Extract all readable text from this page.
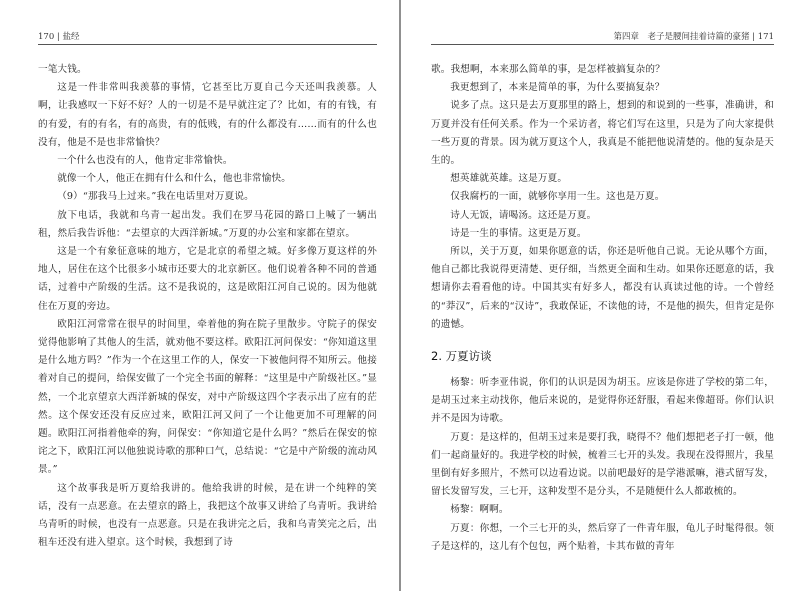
170 | 盐经

一笔大钱。

这是一件非常叫我羡慕的事情，它甚至比万夏自己今天还叫我羡慕。人啊，让我感叹一下好不好？人的一切是不是早就注定了？比如，有的有钱，有的有爱，有的有名，有的高贵，有的低贱，有的什么都没有……而有的什么也没有，他是不是也非常愉快？

一个什么也没有的人，他肯定非常愉快。

就像一个人，他正在拥有什么和什么，他也非常愉快。

（9）“那我马上过来。”我在电话里对万夏说。

放下电话，我就和乌青一起出发。我们在罗马花园的路口上喊了一辆出租，然后我告诉他：“去望京的大西洋新城。”万夏的办公室和家都在望京。

这是一个有象征意味的地方，它是北京的希望之城。好多像万夏这样的外地人，居住在这个比很多小城市还要大的北京新区。他们说着各种不同的普通话，过着中产阶级的生活。这不是我说的，这是欧阳江河自己说的。因为他就住在万夏的旁边。

欧阳江河常常在很早的时间里，牵着他的狗在院子里散步。守院子的保安觉得他影响了其他人的生活，就劝他不要这样。欧阳江河问保安：“你知道这里是什么地方吗？”作为一个在这里工作的人，保安一下被他问得不知所云。他接着对自己的提问，给保安做了一个完全书面的解释：“这里是中产阶级社区。”显然，一个北京望京大西洋新城的保安，对中产阶级这四个字表示出了应有的茫然。这个保安还没有反应过来，欧阳江河又问了一个让他更加不可理解的问题。欧阳江河指着他牵的狗，问保安：“你知道它是什么吗？”然后在保安的惊诧之下，欧阳江河以他独说诗歌的那种口气，总结说：“它是中产阶级的流动风景。”

这个故事我是听万夏给我讲的。他给我讲的时候，是在讲一个纯粹的笑话，没有一点恶意。在去望京的路上，我把这个故事又讲给了乌青听。我讲给乌青听的时候，也没有一点恶意。只是在我讲完之后，我和乌青笑完之后，出租车还没有进入望京。这个时候，我想到了诗

第四章　老子是腰间挂着诗篇的豪猪 | 171

歌。我想啊，本来那么简单的事，是怎样被搞复杂的？

我更想到了，本来是简单的事，为什么要搞复杂？

说多了点。这只是去万夏那里的路上，想到的和说到的一些事，准确讲，和万夏并没有任何关系。作为一个采访者，将它们写在这里，只是为了向大家提供一些万夏的背景。因为就万夏这个人，我真是不能把他说清楚的。他的复杂是天生的。

想英雄就英雄。这是万夏。

仅我腐朽的一面，就够你享用一生。这也是万夏。

诗人无饭，请喝汤。这还是万夏。

诗是一生的事情。这更是万夏。

所以，关于万夏，如果你愿意的话，你还是听他自己说。无论从哪个方面，他自己都比我说得更清楚、更仔细，当然更全面和生动。如果你还愿意的话，我想请你去看看他的诗。中国其实有好多人，都没有认真读过他的诗。一个曾经的“莽汉”，后来的“汉诗”，我敢保证，不读他的诗，不是他的损失，但肯定是你的遗憾。

2. 万夏访谈

杨黎：听李亚伟说，你们的认识是因为胡玉。应该是你进了学校的第二年，是胡玉过来主动找你，他后来说的，是觉得你还舒服，看起来像超哥。你们认识并不是因为诗歌。

万夏：是这样的，但胡玉过来是要打我，晓得不？他们想把老子打一顿，他们一起商量好的。我进学校的时候，梳着三七开的头发。我现在没得照片，我星里倒有好多照片，不然可以边看边说。以前吧最好的是学港派嘛，港式留写发，留长发留写发，三七开，这种发型不是分头，不是随便什么人都敢梳的。

杨黎：啊啊。

万夏：你想，一个三七开的头，然后穿了一件青年服，龟儿子时髦得很。领子是这样的，这儿有个包包，两个贴着，卡其布做的青年
